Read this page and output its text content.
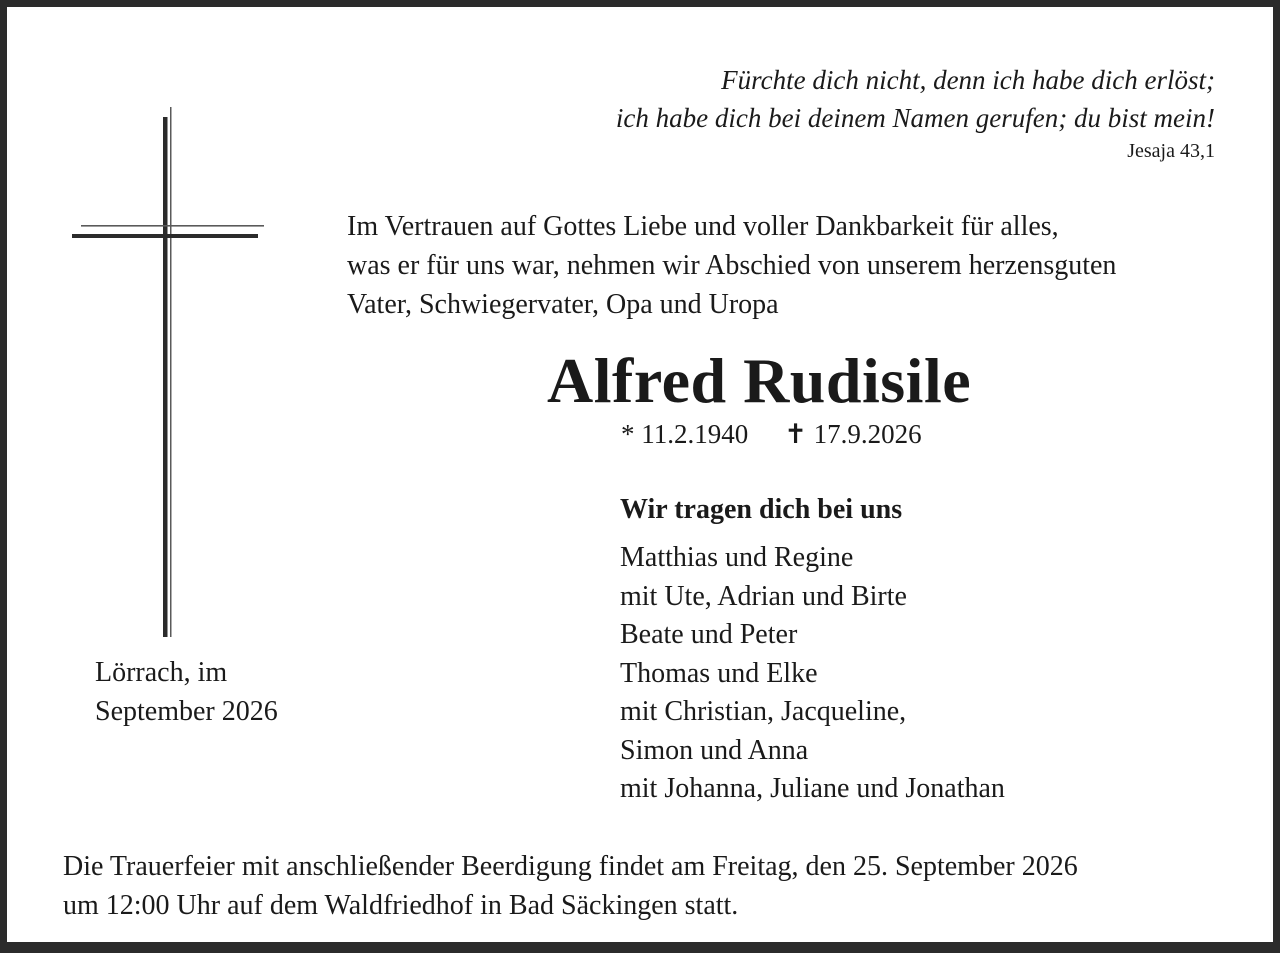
Fürchte dich nicht, denn ich habe dich erlöst;
ich habe dich bei deinem Namen gerufen; du bist mein!
Jesaja 43,1
Im Vertrauen auf Gottes Liebe und voller Dankbarkeit für alles,
was er für uns war, nehmen wir Abschied von unserem herzensguten
Vater, Schwiegervater, Opa und Uropa
Alfred Rudisile
* 11.2.1940 ✝ 17.9.2026
Wir tragen dich bei uns
Matthias und Regine
mit Ute, Adrian und Birte
Beate und Peter
Thomas und Elke
mit Christian, Jacqueline,
Simon und Anna
mit Johanna, Juliane und Jonathan
Lörrach, im
September 2026
Die Trauerfeier mit anschließender Beerdigung findet am Freitag, den 25. September 2026
um 12:00 Uhr auf dem Waldfriedhof in Bad Säckingen statt.
